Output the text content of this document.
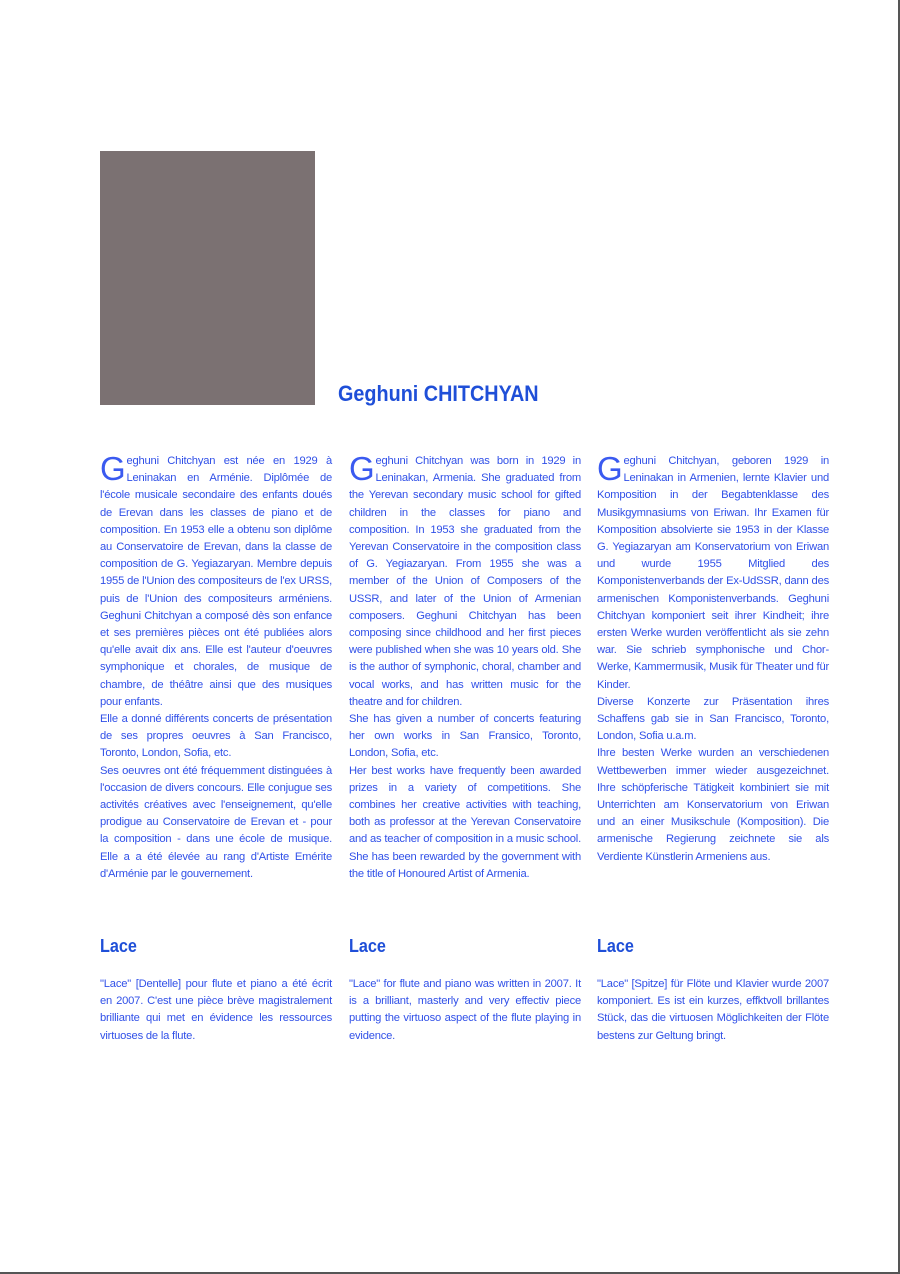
Geghuni CHITCHYAN

Geghuni Chitchyan est née en 1929 à Leninakan en Arménie. Diplômée de l'école musicale secondaire des enfants doués de Erevan dans les classes de piano et de composition. En 1953 elle a obtenu son diplôme au Conservatoire de Erevan, dans la classe de composition de G. Yegiazaryan. Membre depuis 1955 de l'Union des compositeurs de l'ex URSS, puis de l'Union des compositeurs arméniens. Geghuni Chitchyan a composé dès son enfance et ses premières pièces ont été publiées alors qu'elle avait dix ans. Elle est l'auteur d'oeuvres symphonique et chorales, de musique de chambre, de théâtre ainsi que des musiques pour enfants.

Elle a donné différents concerts de présentation de ses propres oeuvres à San Francisco, Toronto, London, Sofia, etc.

Ses oeuvres ont été fréquemment distinguées à l'occasion de divers concours. Elle conjugue ses activités créatives avec l'enseignement, qu'elle prodigue au Conservatoire de Erevan et - pour la composition - dans une école de musique. Elle a a été élevée au rang d'Artiste Emérite d'Arménie par le gouvernement.

Geghuni Chitchyan was born in 1929 in Leninakan, Armenia. She graduated from the Yerevan secondary music school for gifted children in the classes for piano and composition. In 1953 she graduated from the Yerevan Conservatoire in the composition class of G. Yegiazaryan. From 1955 she was a member of the Union of Composers of the USSR, and later of the Union of Armenian composers. Geghuni Chitchyan has been composing since childhood and her first pieces were published when she was 10 years old. She is the author of symphonic, choral, chamber and vocal works, and has written music for the theatre and for children.

She has given a number of concerts featuring her own works in San Fransico, Toronto, London, Sofia, etc.

Her best works have frequently been awarded prizes in a variety of competitions. She combines her creative activities with teaching, both as professor at the Yerevan Conservatoire and as teacher of composition in a music school. She has been rewarded by the government with the title of Honoured Artist of Armenia.

Geghuni Chitchyan, geboren 1929 in Leninakan in Armenien, lernte Klavier und Komposition in der Begabtenklasse des Musikgymnasiums von Eriwan. Ihr Examen für Komposition absolvierte sie 1953 in der Klasse G. Yegiazaryan am Konservatorium von Eriwan und wurde 1955 Mitglied des Komponistenverbands der Ex-UdSSR, dann des armenischen Komponistenverbands. Geghuni Chitchyan komponiert seit ihrer Kindheit; ihre ersten Werke wurden veröffentlicht als sie zehn war. Sie schrieb symphonische und Chor-Werke, Kammermusik, Musik für Theater und für Kinder.

Diverse Konzerte zur Präsentation ihres Schaffens gab sie in San Francisco, Toronto, London, Sofia u.a.m.

Ihre besten Werke wurden an verschiedenen Wettbewerben immer wieder ausgezeichnet. Ihre schöpferische Tätigkeit kombiniert sie mit Unterrichten am Konservatorium von Eriwan und an einer Musikschule (Komposition). Die armenische Regierung zeichnete sie als Verdiente Künstlerin Armeniens aus.

Lace	Lace	Lace

"Lace" [Dentelle] pour flute et piano a été écrit en 2007. C'est une pièce brève magistralement brilliante qui met en évidence les ressources virtuoses de la flute.

"Lace" for flute and piano was written in 2007. It is a brilliant, masterly and very effectiv piece putting the virtuoso aspect of the flute playing in evidence.

"Lace" [Spitze] für Flöte und Klavier wurde 2007 komponiert. Es ist ein kurzes, effktvoll brillantes Stück, das die virtuosen Möglichkeiten der Flöte bestens zur Geltung bringt.
